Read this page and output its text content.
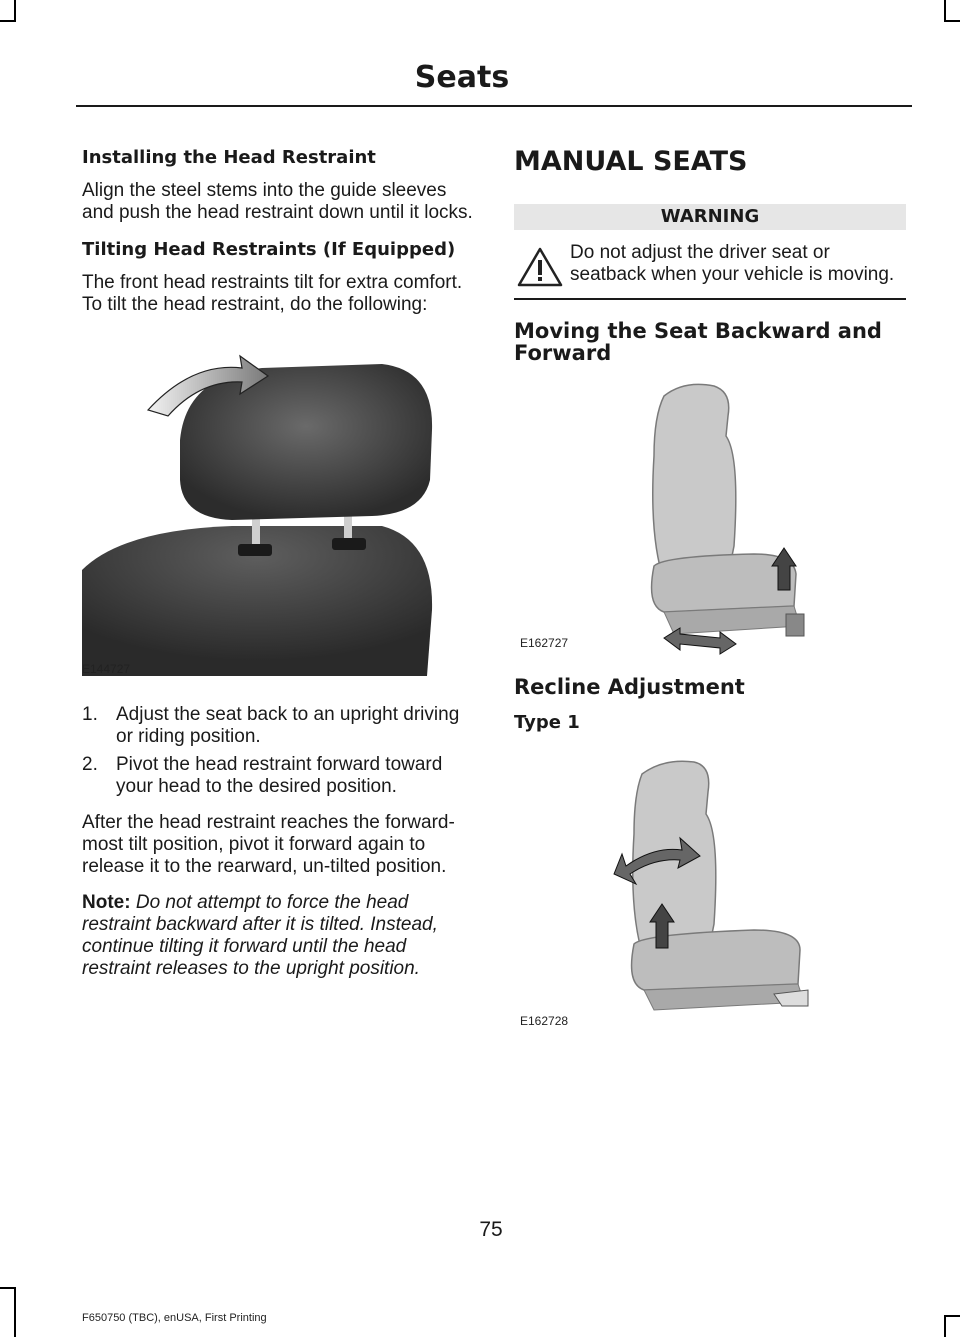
Seats
Installing the Head Restraint
Align the steel stems into the guide sleeves and push the head restraint down until it locks.
Tilting Head Restraints (If Equipped)
The front head restraints tilt for extra comfort. To tilt the head restraint, do the following:
E144727
1. Adjust the seat back to an upright driving or riding position.
2. Pivot the head restraint forward toward your head to the desired position.
After the head restraint reaches the forward-most tilt position, pivot it forward again to release it to the rearward, un-tilted position.
Note: Do not attempt to force the head restraint backward after it is tilted. Instead, continue tilting it forward until the head restraint releases to the upright position.
MANUAL SEATS
WARNING
Do not adjust the driver seat or seatback when your vehicle is moving.
Moving the Seat Backward and Forward
E162727
Recline Adjustment
Type 1
E162728
75
F650750 (TBC), enUSA, First Printing
